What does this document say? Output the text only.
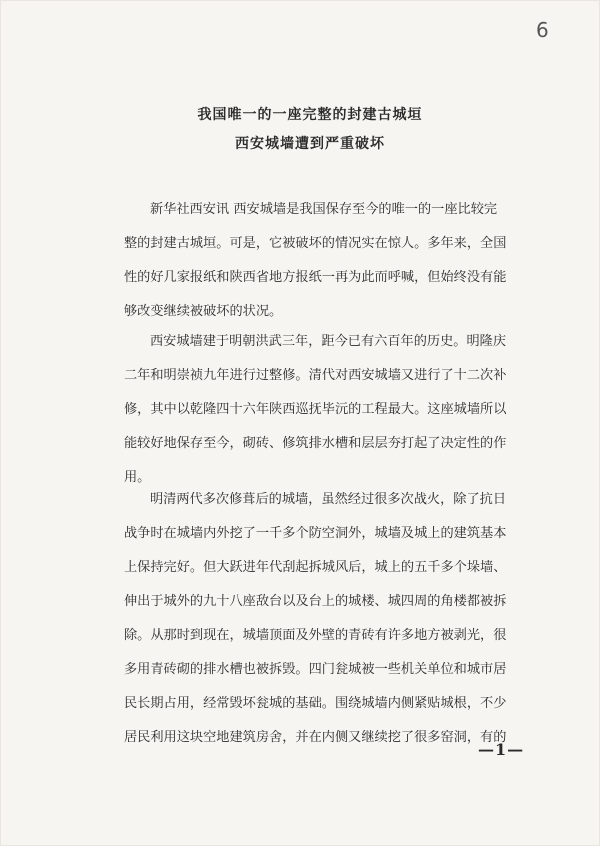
6
我国唯一的一座完整的封建古城垣
西安城墙遭到严重破坏

新华社西安讯 西安城墙是我国保存至今的唯一的一座比较完
整的封建古城垣。可是，它被破坏的情况实在惊人。多年来，全国
性的好几家报纸和陕西省地方报纸一再为此而呼喊，但始终没有能
够改变继续被破坏的状况。

西安城墙建于明朝洪武三年，距今已有六百年的历史。明隆庆
二年和明崇祯九年进行过整修。清代对西安城墙又进行了十二次补
修，其中以乾隆四十六年陕西巡抚毕沅的工程最大。这座城墙所以
能较好地保存至今，砌砖、修筑排水槽和层层夯打起了决定性的作
用。

明清两代多次修葺后的城墙，虽然经过很多次战火，除了抗日
战争时在城墙内外挖了一千多个防空洞外，城墙及城上的建筑基本
上保持完好。但大跃进年代刮起拆城风后，城上的五千多个垛墙、
伸出于城外的九十八座敌台以及台上的城楼、城四周的角楼都被拆
除。从那时到现在，城墙顶面及外壁的青砖有许多地方被剥光，很
多用青砖砌的排水槽也被拆毁。四门瓮城被一些机关单位和城市居
民长期占用，经常毁坏瓮城的基础。围绕城墙内侧紧贴城根，不少
居民利用这块空地建筑房舍，并在内侧又继续挖了很多窑洞，有的

—1—
